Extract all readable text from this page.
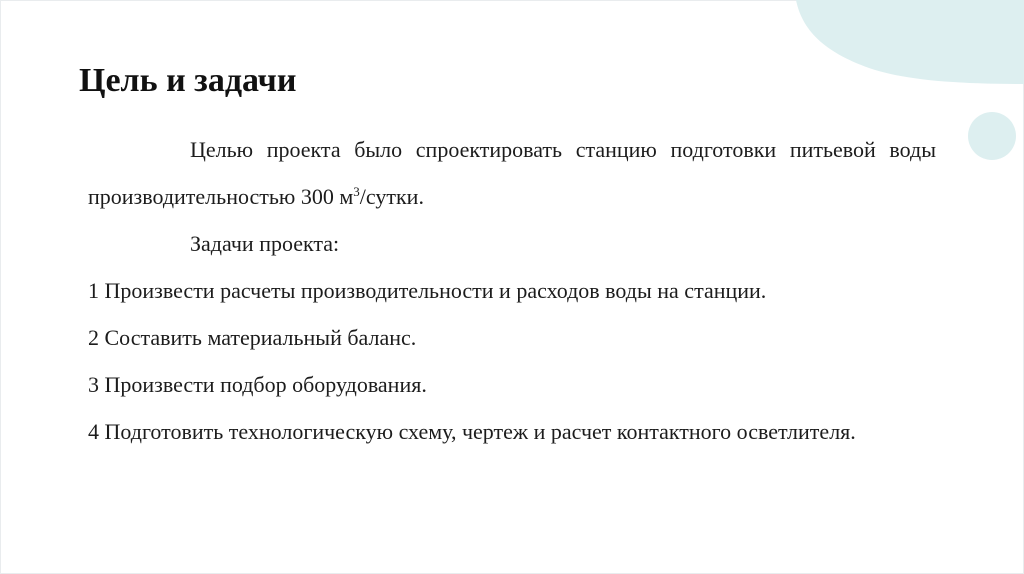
Цель и задачи

Целью проекта было спроектировать станцию подготовки питьевой воды производительностью 300 $м^3$/сутки.

Задачи проекта:

1 Произвести расчеты производительности и расходов воды на станции.

2 Составить материальный баланс.

3 Произвести подбор оборудования.

4 Подготовить технологическую схему, чертеж и расчет контактного осветлителя.
